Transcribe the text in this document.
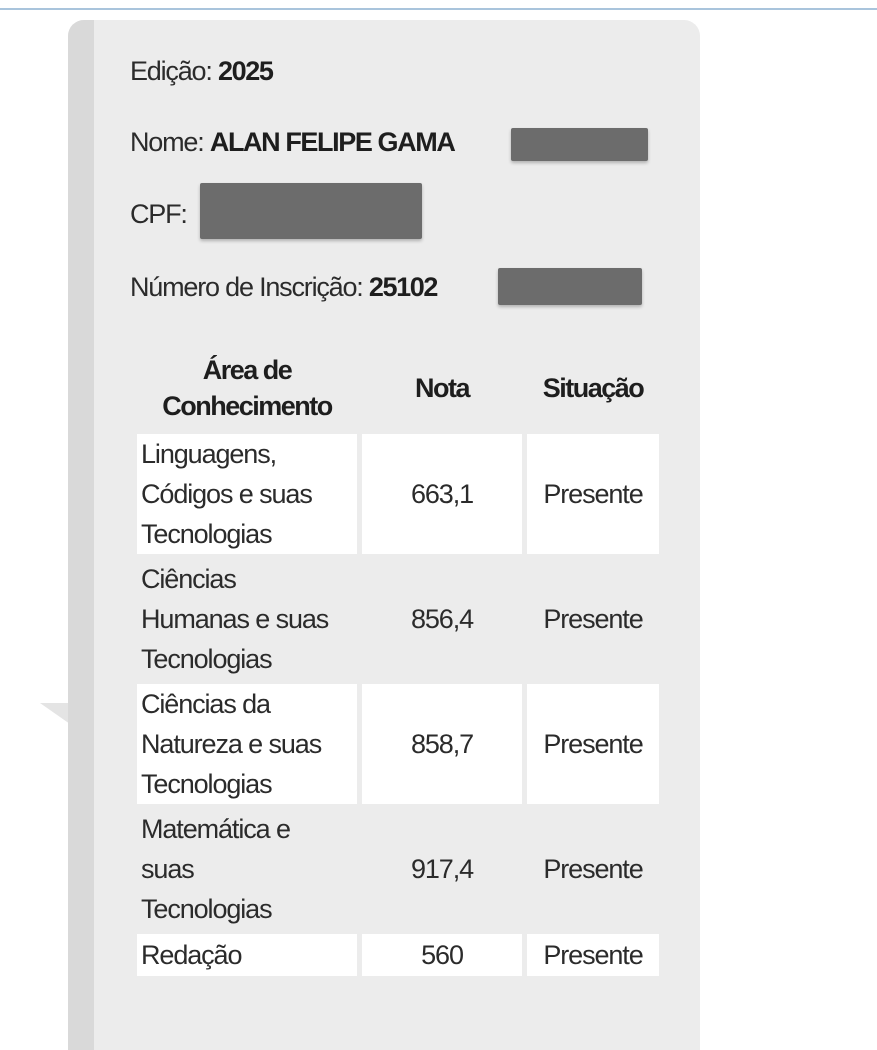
Edição: 2025
Nome: ALAN FELIPE GAMA
CPF:
Número de Inscrição: 25102
Área de
Conhecimento	Nota	Situação
Linguagens,
Códigos e suas
Tecnologias	663,1	Presente
Ciências
Humanas e suas
Tecnologias	856,4	Presente
Ciências da
Natureza e suas
Tecnologias	858,7	Presente
Matemática e
suas
Tecnologias	917,4	Presente
Redação	560	Presente
